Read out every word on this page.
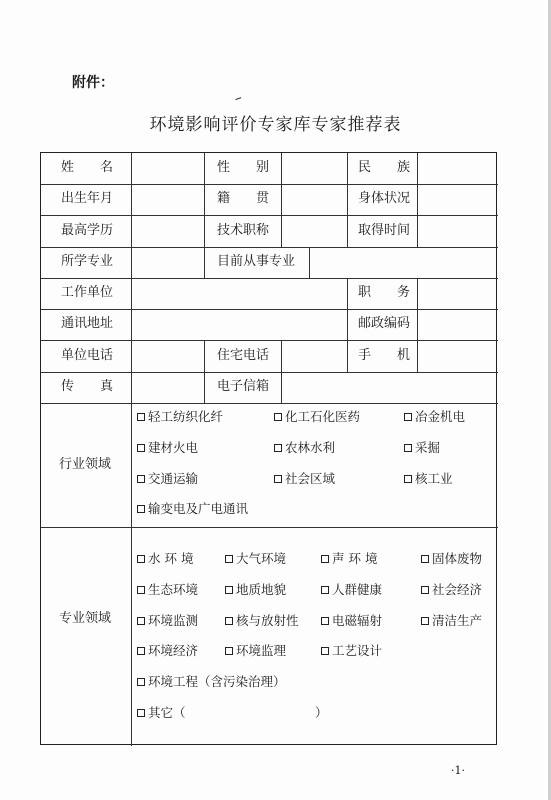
附件：
环境影响评价专家库专家推荐表
姓　　名	性　　别	民　　族
出生年月	籍　　贯	身体状况
最高学历	技术职称	取得时间
所学专业	目前从事专业
工作单位	职　　务
通讯地址	邮政编码
单位电话	住宅电话	手　　机
传　　真	电子信箱
行业领域
轻工纺织化纤	化工石化医药	冶金机电
建材火电	农林水利	采掘
交通运输	社会区域	核工业
输变电及广电通讯
专业领域
水 环 境	大气环境	声 环 境	固体废物
生态环境	地质地貌	人群健康	社会经济
环境监测	核与放射性	电磁辐射	清洁生产
环境经济	环境监理	工艺设计
环境工程（含污染治理）
其它（	）
·1·
